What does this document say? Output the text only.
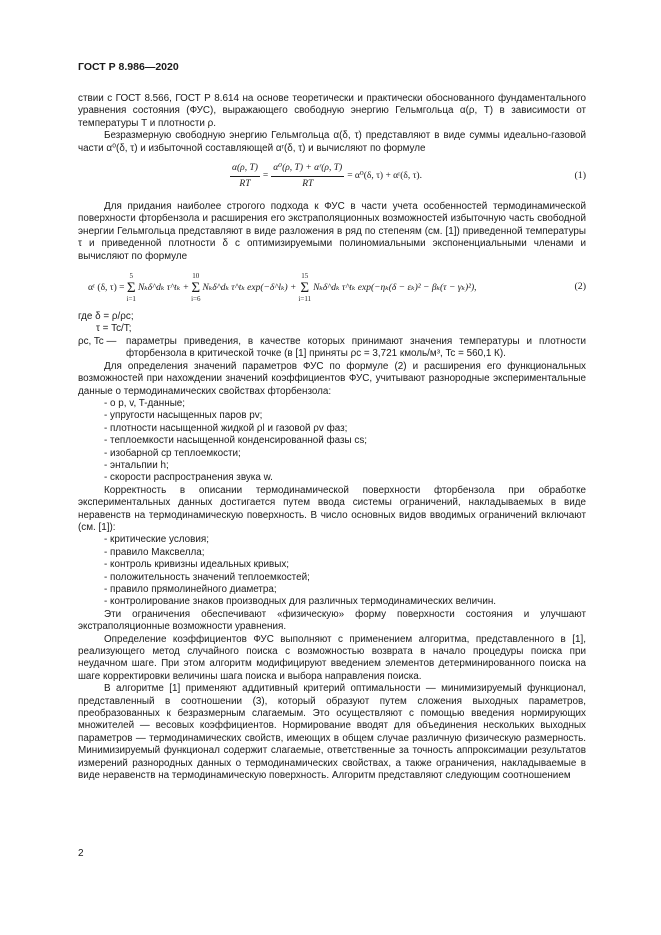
ГОСТ Р 8.986—2020

ствии с ГОСТ 8.566, ГОСТ Р 8.614 на основе теоретически и практически обоснованного фундаментального уравнения состояния (ФУС), выражающего свободную энергию Гельмгольца α(ρ, T) в зависимости от температуры T и плотности ρ.

Безразмерную свободную энергию Гельмгольца α(δ, τ) представляют в виде суммы идеально-газовой части α⁰(δ, τ) и избыточной составляющей αʳ(δ, τ) и вычисляют по формуле

$\frac{\alpha(\rho, T)}{RT} = \frac{\text{α⁰(ρ, T) + αʳ(ρ, T)}}{RT} = \alpha^0(\delta$, τ) + αʳ(δ, τ).	(1)

Для придания наиболее строгого подхода к ФУС в части учета особенностей термодинамической поверхности фторбензола и расширения его экстраполяционных возможностей избыточную часть свободной энергии Гельмгольца представляют в виде разложения в ряд по степеням (см. [1]) приведенной температуры τ и приведенной плотности δ с оптимизируемыми полиномиальными экспоненциальными членами и вычисляют по формуле

αʳ (δ, τ) =
5
Σ
i=1
Nₖδ^dₖ τ^tₖ +
10
Σ
i=6
Nₖδ^dₖ τ^tₖ exp(−δ^lₖ) +
15
Σ
i=11
Nₖδ^dₖ τ^tₖ exp(−ηₖ(δ − εₖ)² − βₖ(τ − γₖ)²),	(2)
где δ = ρ/ρc;
τ = Tc/T;
ρc, Tc — параметры приведения, в качестве которых принимают значения температуры и плотности фторбензола в критической точке (в [1] приняты ρc = 3,721 кмоль/м³, Tc = 560,1 К).

Для определения значений параметров ФУС по формуле (2) и расширения его функциональных возможностей при нахождении значений коэффициентов ФУС, учитывают разнородные экспериментальные данные о термодинамических свойствах фторбензола:

- о p, v, T-данные;
- упругости насыщенных паров pv;
- плотности насыщенной жидкой ρl и газовой ρv фаз;
- теплоемкости насыщенной конденсированной фазы cs;
- изобарной cp теплоемкости;
- энтальпии h;
- скорости распространения звука w.

Корректность в описании термодинамической поверхности фторбензола при обработке экспериментальных данных достигается путем ввода системы ограничений, накладываемых в виде неравенств на термодинамическую поверхность. В число основных видов вводимых ограничений включают (см. [1]):

- критические условия;
- правило Максвелла;
- контроль кривизны идеальных кривых;
- положительность значений теплоемкостей;
- правило прямолинейного диаметра;
- контролирование знаков производных для различных термодинамических величин.

Эти ограничения обеспечивают «физическую» форму поверхности состояния и улучшают экстраполяционные возможности уравнения.

Определение коэффициентов ФУС выполняют с применением алгоритма, представленного в [1], реализующего метод случайного поиска с возможностью возврата в начало процедуры поиска при неудачном шаге. При этом алгоритм модифицируют введением элементов детерминированного поиска на шаге корректировки величины шага поиска и выбора направления поиска.

В алгоритме [1] применяют аддитивный критерий оптимальности — минимизируемый функционал, представленный в соотношении (3), который образуют путем сложения выходных параметров, преобразованных к безразмерным слагаемым. Это осуществляют с помощью введения нормирующих множителей — весовых коэффициентов. Нормирование вводят для объединения нескольких выходных параметров — термодинамических свойств, имеющих в общем случае различную физическую размерность. Минимизируемый функционал содержит слагаемые, ответственные за точность аппроксимации результатов измерений разнородных данных о термодинамических свойствах, а также ограничения, накладываемые в виде неравенств на термодинамическую поверхность. Алгоритм представляют следующим соотношением

2
